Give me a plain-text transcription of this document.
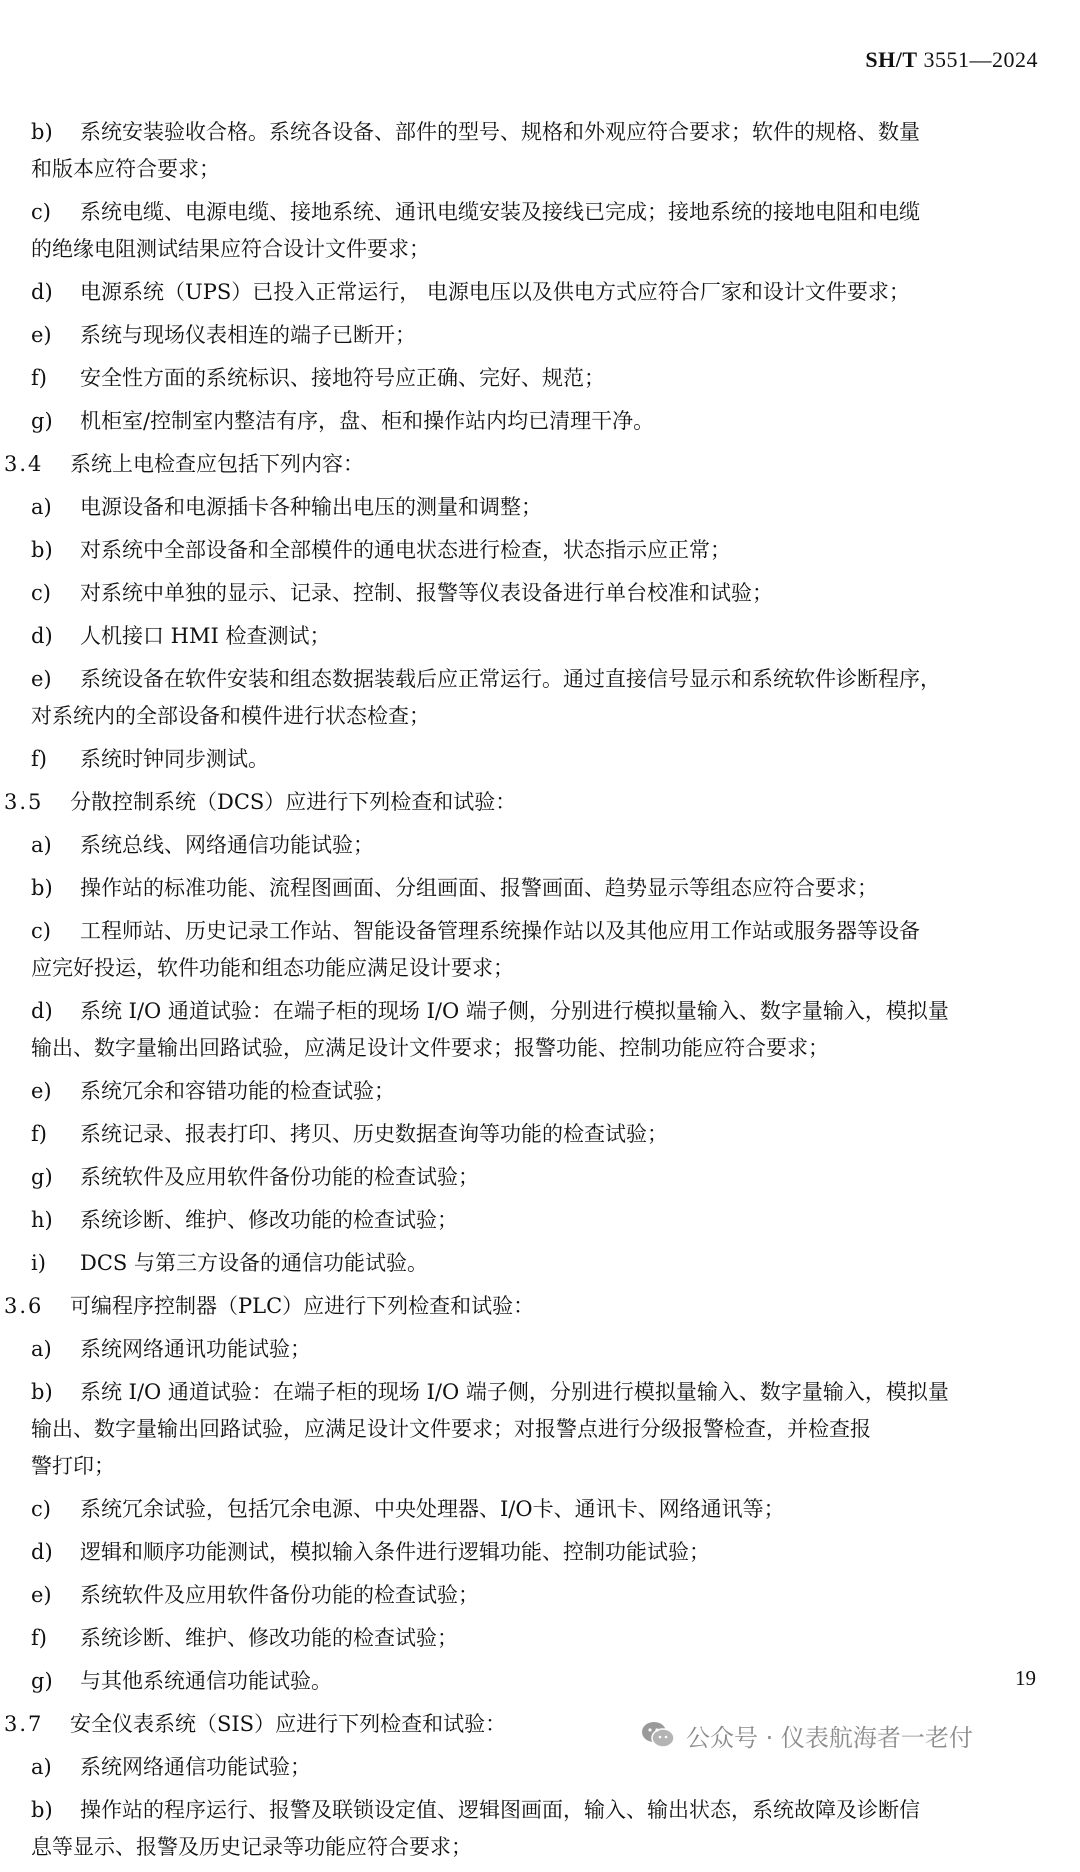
SH/T 3551—2024
b) 系统安装验收合格。系统各设备、部件的型号、规格和外观应符合要求；软件的规格、数量
和版本应符合要求；
c) 系统电缆、电源电缆、接地系统、通讯电缆安装及接线已完成；接地系统的接地电阻和电缆
的绝缘电阻测试结果应符合设计文件要求；
d) 电源系统（UPS）已投入正常运行， 电源电压以及供电方式应符合厂家和设计文件要求；
e) 系统与现场仪表相连的端子已断开；
f) 安全性方面的系统标识、接地符号应正确、完好、规范；
g) 机柜室/控制室内整洁有序，盘、柜和操作站内均已清理干净。
3.4 系统上电检查应包括下列内容：
a) 电源设备和电源插卡各种输出电压的测量和调整；
b) 对系统中全部设备和全部模件的通电状态进行检查，状态指示应正常；
c) 对系统中单独的显示、记录、控制、报警等仪表设备进行单台校准和试验；
d) 人机接口 HMI 检查测试；
e) 系统设备在软件安装和组态数据装载后应正常运行。通过直接信号显示和系统软件诊断程序，
对系统内的全部设备和模件进行状态检查；
f) 系统时钟同步测试。
3.5 分散控制系统（DCS）应进行下列检查和试验：
a) 系统总线、网络通信功能试验；
b) 操作站的标准功能、流程图画面、分组画面、报警画面、趋势显示等组态应符合要求；
c) 工程师站、历史记录工作站、智能设备管理系统操作站以及其他应用工作站或服务器等设备
应完好投运，软件功能和组态功能应满足设计要求；
d) 系统 I/O 通道试验：在端子柜的现场 I/O 端子侧，分别进行模拟量输入、数字量输入，模拟量
输出、数字量输出回路试验，应满足设计文件要求；报警功能、控制功能应符合要求；
e) 系统冗余和容错功能的检查试验；
f) 系统记录、报表打印、拷贝、历史数据查询等功能的检查试验；
g) 系统软件及应用软件备份功能的检查试验；
h) 系统诊断、维护、修改功能的检查试验；
i) DCS 与第三方设备的通信功能试验。
3.6 可编程序控制器（PLC）应进行下列检查和试验：
a) 系统网络通讯功能试验；
b) 系统 I/O 通道试验：在端子柜的现场 I/O 端子侧，分别进行模拟量输入、数字量输入，模拟量
输出、数字量输出回路试验，应满足设计文件要求；对报警点进行分级报警检查，并检查报
警打印；
c) 系统冗余试验，包括冗余电源、中央处理器、I/O卡、通讯卡、网络通讯等；
d) 逻辑和顺序功能测试，模拟输入条件进行逻辑功能、控制功能试验；
e) 系统软件及应用软件备份功能的检查试验；
f) 系统诊断、维护、修改功能的检查试验；
g) 与其他系统通信功能试验。
3.7 安全仪表系统（SIS）应进行下列检查和试验：
a) 系统网络通信功能试验；
b) 操作站的程序运行、报警及联锁设定值、逻辑图画面，输入、输出状态，系统故障及诊断信
息等显示、报警及历史记录等功能应符合要求；
19
公众号 · 仪表航海者一老付
